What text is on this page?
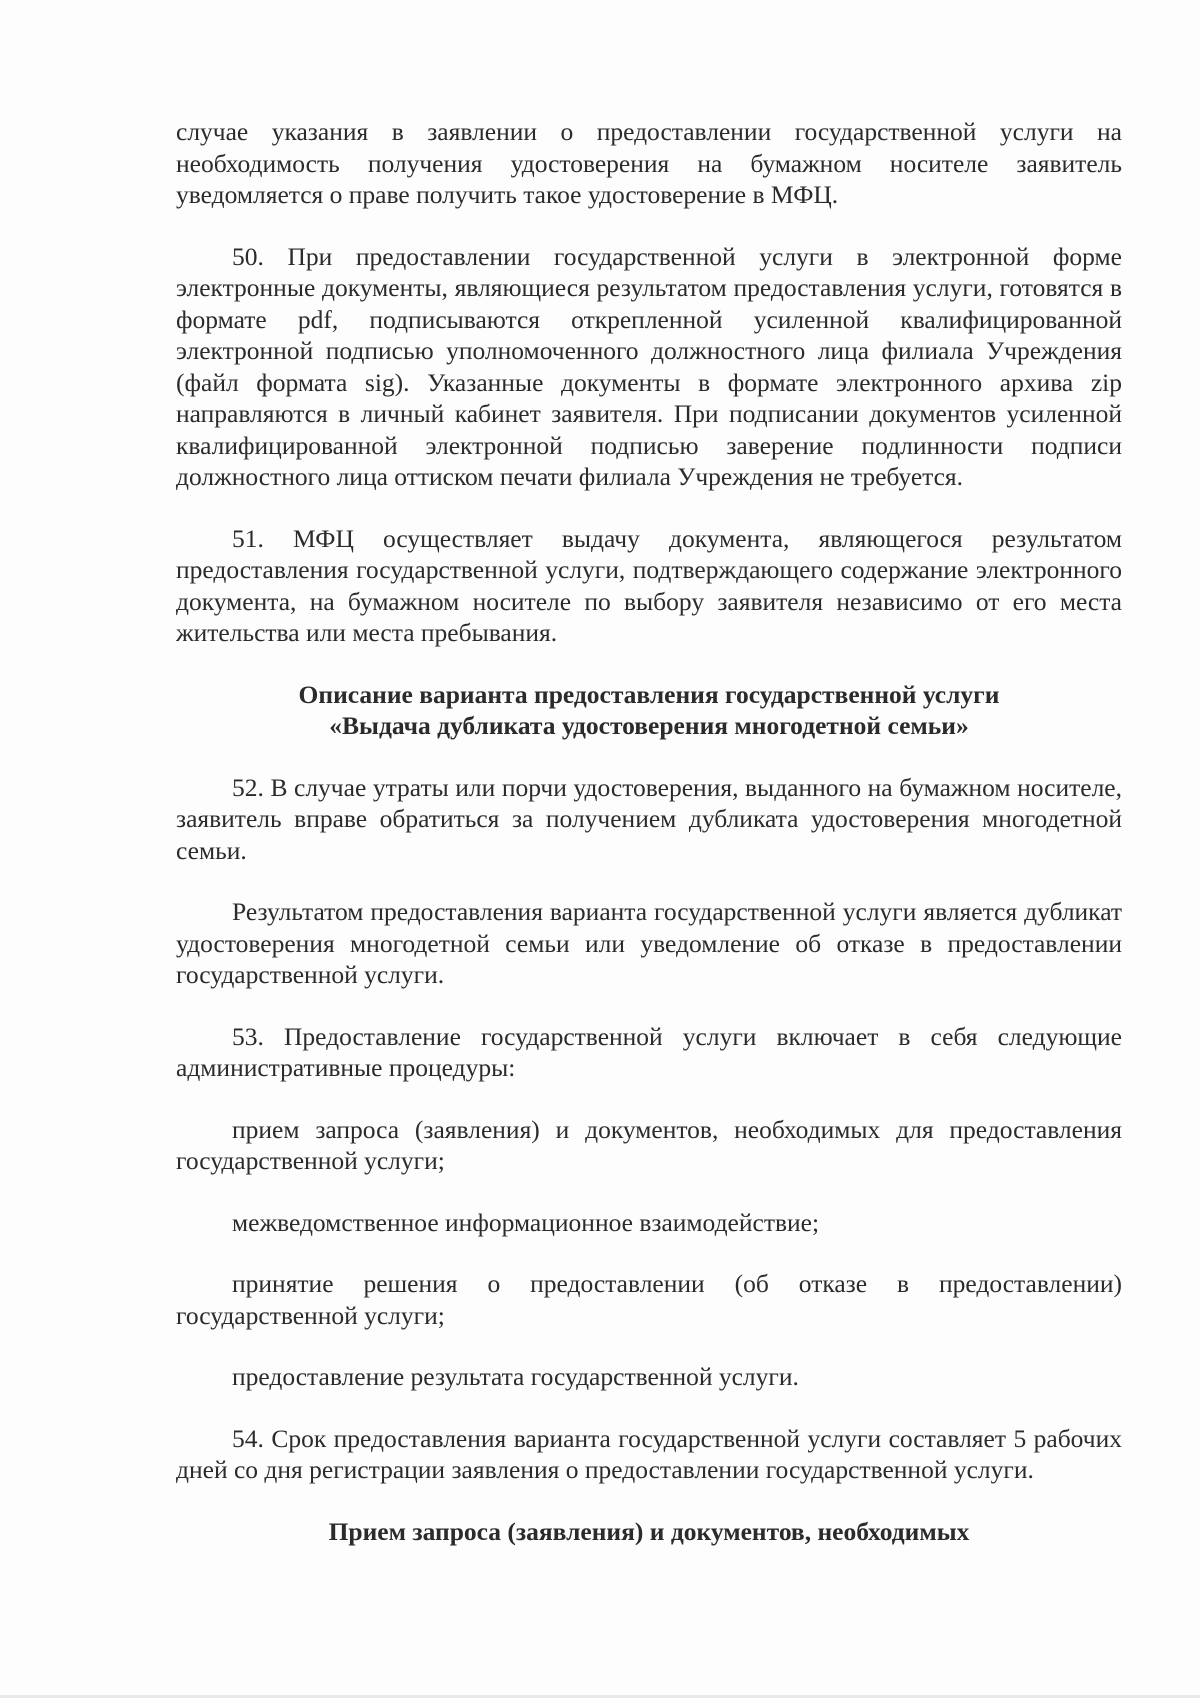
случае указания в заявлении о предоставлении государственной услуги на необходимость получения удостоверения на бумажном носителе заявитель уведомляется о праве получить такое удостоверение в МФЦ.

50. При предоставлении государственной услуги в электронной форме электронные документы, являющиеся результатом предоставления услуги, готовятся в формате pdf, подписываются открепленной усиленной квалифицированной электронной подписью уполномоченного должностного лица филиала Учреждения (файл формата sig). Указанные документы в формате электронного архива zip направляются в личный кабинет заявителя. При подписании документов усиленной квалифицированной электронной подписью заверение подлинности подписи должностного лица оттиском печати филиала Учреждения не требуется.

51. МФЦ осуществляет выдачу документа, являющегося результатом предоставления государственной услуги, подтверждающего содержание электронного документа, на бумажном носителе по выбору заявителя независимо от его места жительства или места пребывания.

Описание варианта предоставления государственной услуги
«Выдача дубликата удостоверения многодетной семьи»

52. В случае утраты или порчи удостоверения, выданного на бумажном носителе, заявитель вправе обратиться за получением дубликата удостоверения многодетной семьи.

Результатом предоставления варианта государственной услуги является дубликат удостоверения многодетной семьи или уведомление об отказе в предоставлении государственной услуги.

53. Предоставление государственной услуги включает в себя следующие административные процедуры:

прием запроса (заявления) и документов, необходимых для предоставления государственной услуги;

межведомственное информационное взаимодействие;

принятие решения о предоставлении (об отказе в предоставлении) государственной услуги;

предоставление результата государственной услуги.

54. Срок предоставления варианта государственной услуги составляет 5 рабочих дней со дня регистрации заявления о предоставлении государственной услуги.

Прием запроса (заявления) и документов, необходимых
